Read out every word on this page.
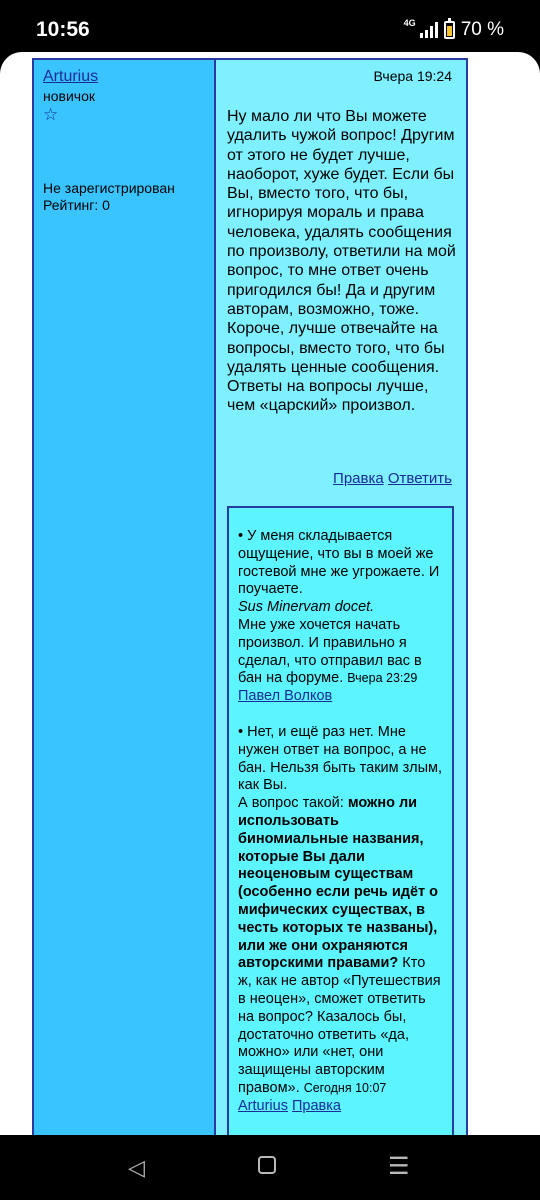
10:56	4G 70 %
Arturius
новичок
☆
Не зарегистрирован
Рейтинг: 0
Вчера 19:24
Ну мало ли что Вы можете удалить чужой вопрос! Другим от этого не будет лучше, наоборот, хуже будет. Если бы Вы, вместо того, что бы, игнорируя мораль и права человека, удалять сообщения по произволу, ответили на мой вопрос, то мне ответ очень пригодился бы! Да и другим авторам, возможно, тоже. Короче, лучше отвечайте на вопросы, вместо того, что бы удалять ценные сообщения. Ответы на вопросы лучше, чем «царский» произвол.
Правка Ответить
• У меня складывается ощущение, что вы в моей же гостевой мне же угрожаете. И поучаете.
Sus Minervam docet.
Мне уже хочется начать произвол. И правильно я сделал, что отправил вас в бан на форуме. Вчера 23:29
Павел Волков
• Нет, и ещё раз нет. Мне нужен ответ на вопрос, а не бан. Нельзя быть таким злым, как Вы.
А вопрос такой: можно ли использовать биномиальные названия, которые Вы дали неоценовым существам (особенно если речь идёт о мифических существах, в честь которых те названы), или же они охраняются авторскими правами? Кто ж, как не автор «Путешествия в неоцен», сможет ответить на вопрос? Казалось бы, достаточно ответить «да, можно» или «нет, они защищены авторским правом». Сегодня 10:07
Arturius Правка
◁	☰
